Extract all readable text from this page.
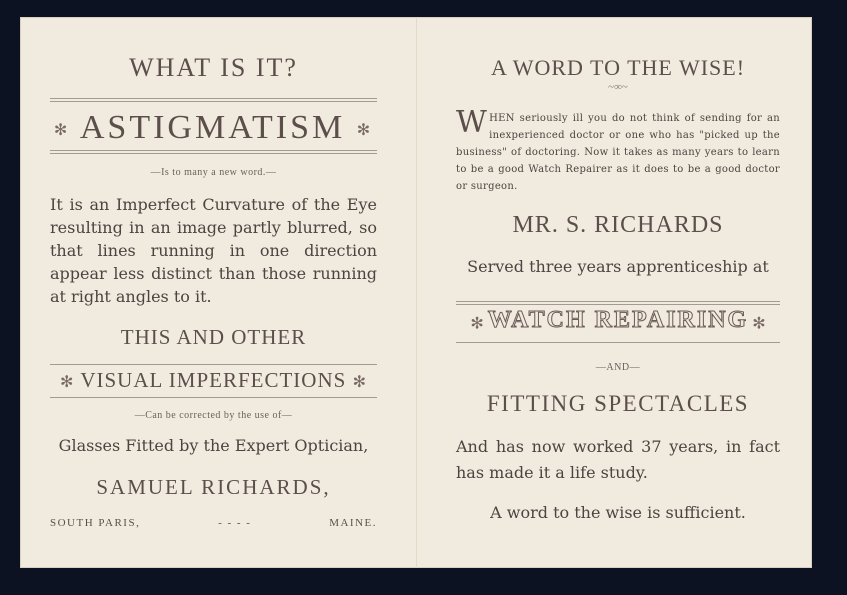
WHAT IS IT?
✻ ASTIGMATISM ✻
—Is to many a new word.—
It is an Imperfect Curvature of the Eye resulting in an image partly blurred, so that lines running in one direction appear less distinct than those running at right angles to it.
THIS AND OTHER
✻ VISUAL IMPERFECTIONS ✻
—Can be corrected by the use of—
Glasses Fitted by the Expert Optician,
SAMUEL RICHARDS,
SOUTH PARIS,	- - - -	MAINE.
A WORD TO THE WISE!
~∞~
WHEN seriously ill you do not think of sending for an inexperienced doctor or one who has "picked up the business" of doctoring. Now it takes as many years to learn to be a good Watch Repairer as it does to be a good doctor or surgeon.
MR. S. RICHARDS
Served three years apprenticeship at
✻ WATCH REPAIRING ✻
—AND—
FITTING SPECTACLES
And has now worked 37 years, in fact has made it a life study.
A word to the wise is sufficient.
